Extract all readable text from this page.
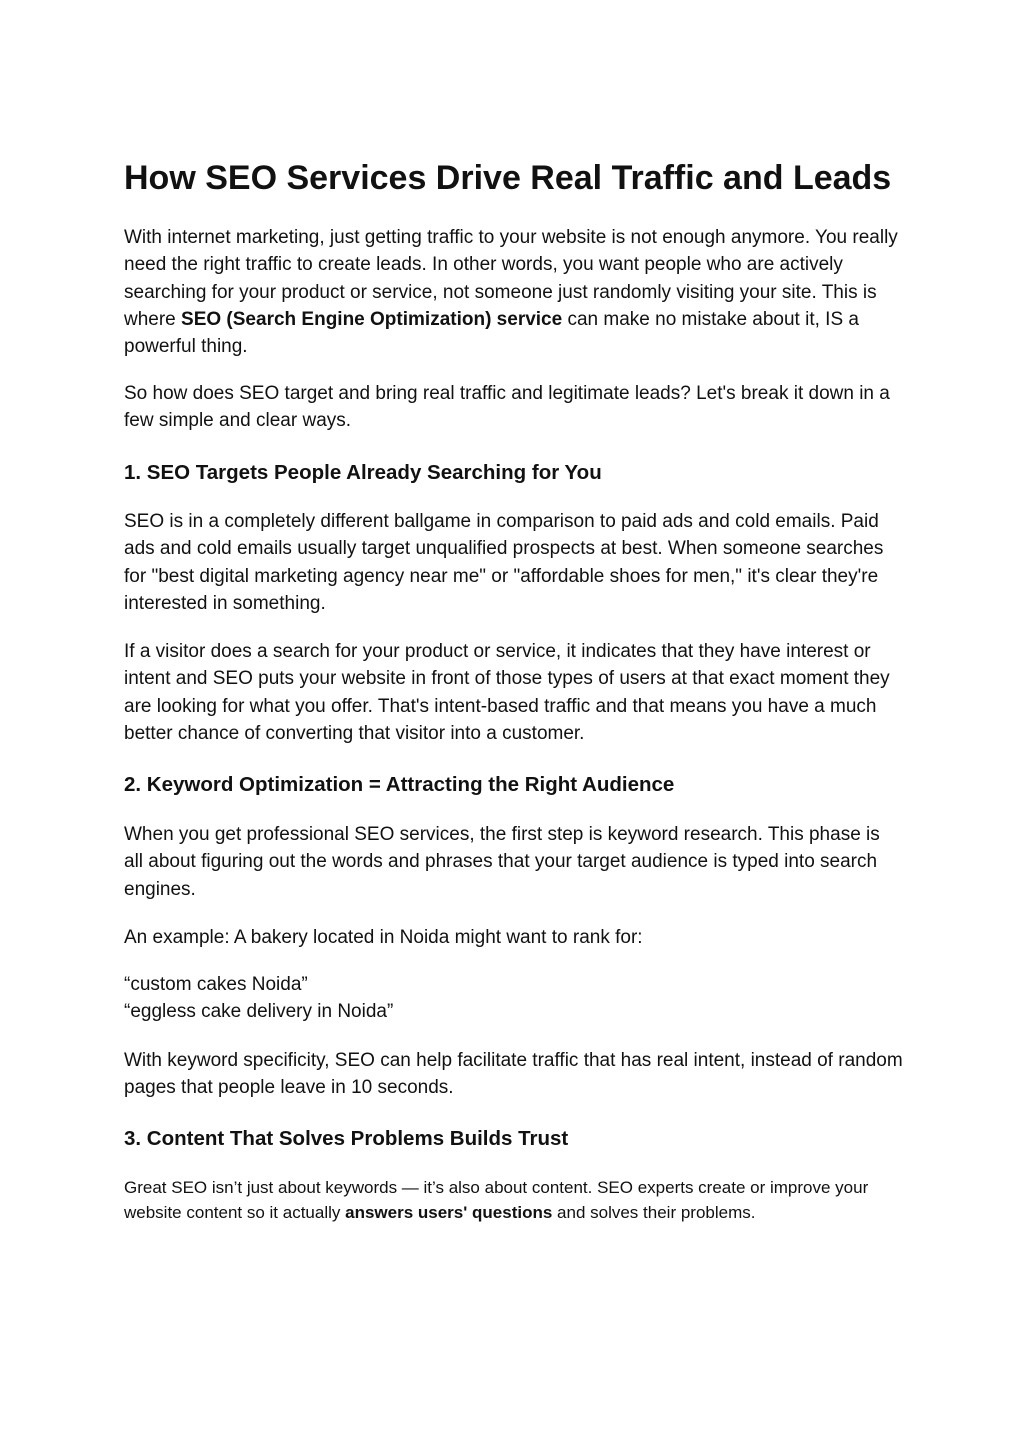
How SEO Services Drive Real Traffic and Leads

With internet marketing, just getting traffic to your website is not enough anymore. You really need the right traffic to create leads. In other words, you want people who are actively searching for your product or service, not someone just randomly visiting your site. This is where SEO (Search Engine Optimization) service can make no mistake about it, IS a powerful thing.

So how does SEO target and bring real traffic and legitimate leads? Let's break it down in a few simple and clear ways.

1. SEO Targets People Already Searching for You

SEO is in a completely different ballgame in comparison to paid ads and cold emails. Paid ads and cold emails usually target unqualified prospects at best. When someone searches for "best digital marketing agency near me" or "affordable shoes for men," it's clear they're interested in something.

If a visitor does a search for your product or service, it indicates that they have interest or intent and SEO puts your website in front of those types of users at that exact moment they are looking for what you offer. That's intent-based traffic and that means you have a much better chance of converting that visitor into a customer.

2. Keyword Optimization = Attracting the Right Audience

When you get professional SEO services, the first step is keyword research. This phase is all about figuring out the words and phrases that your target audience is typed into search engines.

An example: A bakery located in Noida might want to rank for:

“custom cakes Noida”
“eggless cake delivery in Noida”

With keyword specificity, SEO can help facilitate traffic that has real intent, instead of random pages that people leave in 10 seconds.

3. Content That Solves Problems Builds Trust

Great SEO isn’t just about keywords — it’s also about content. SEO experts create or improve your website content so it actually answers users' questions and solves their problems.
